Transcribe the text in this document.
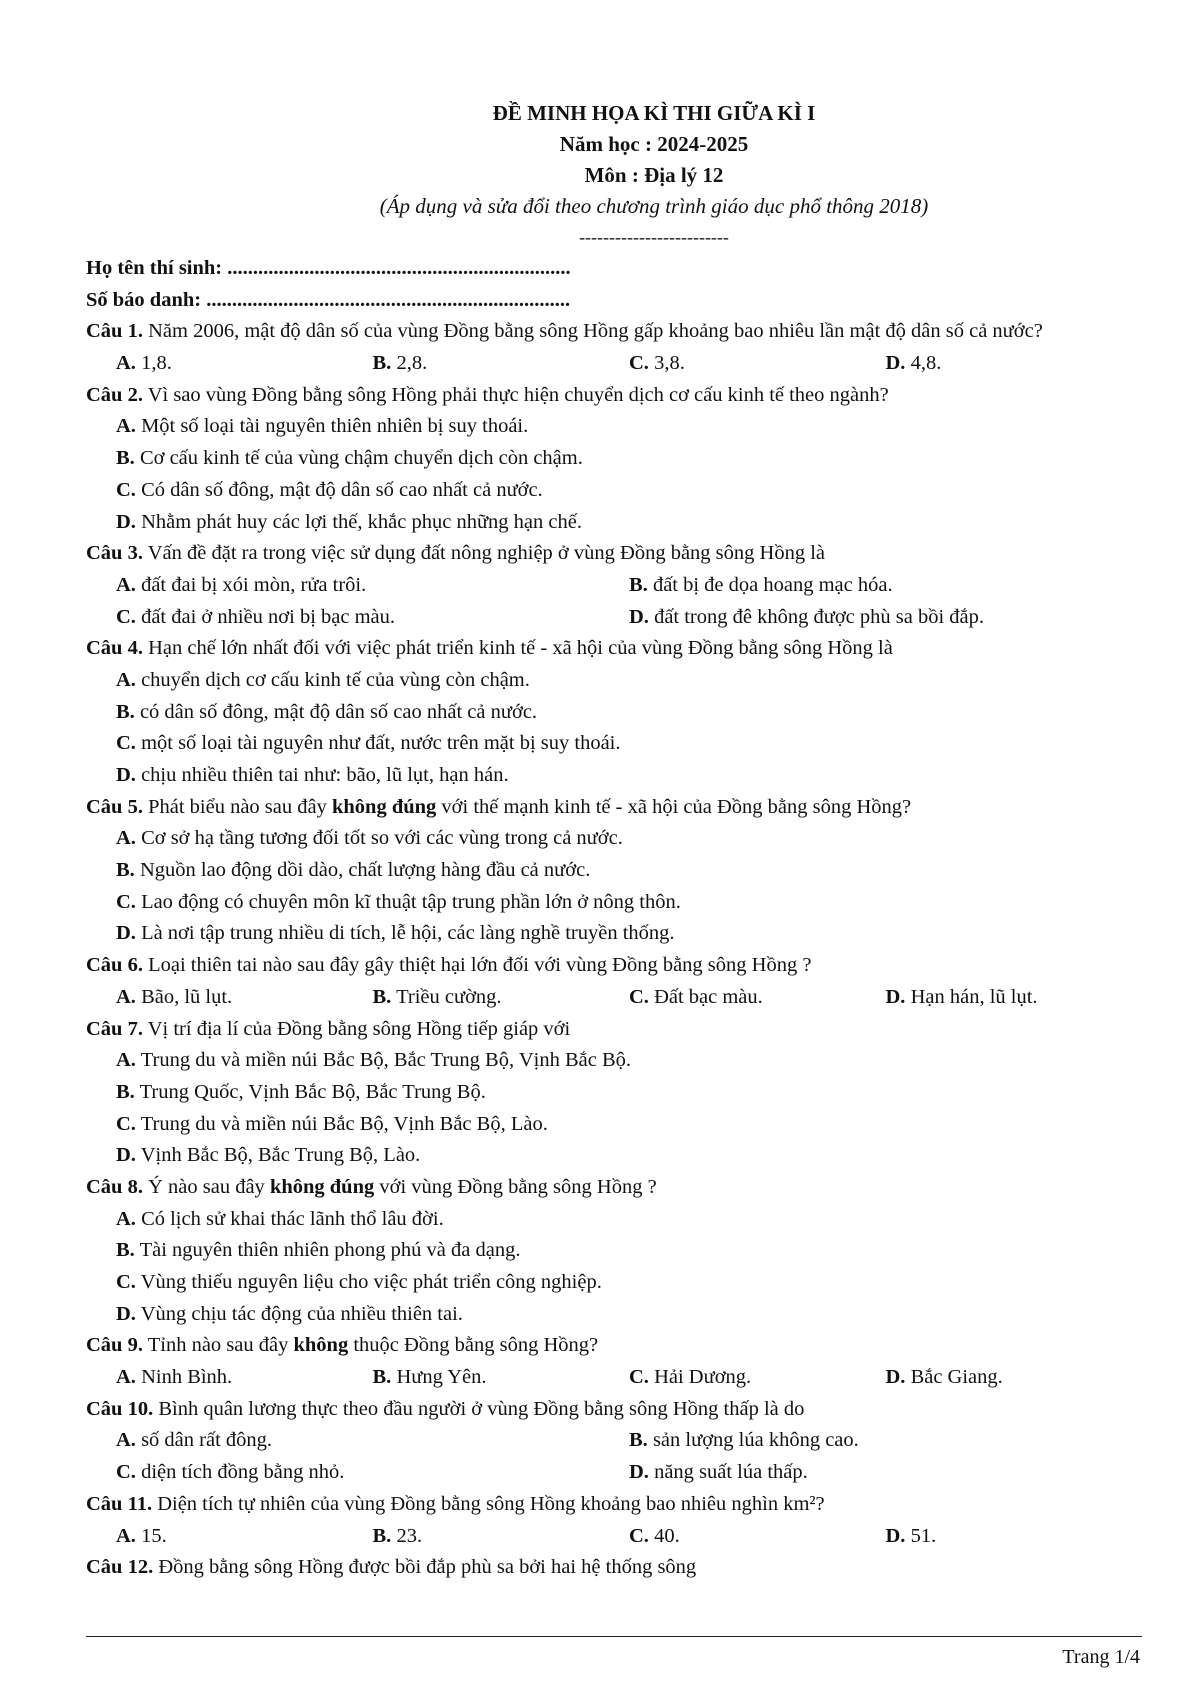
ĐỀ MINH HỌA KÌ THI GIỮA KÌ I
Năm học : 2024-2025
Môn : Địa lý 12
(Áp dụng và sửa đổi theo chương trình giáo dục phổ thông 2018)
-------------------------
Họ tên thí sinh: ...................................................................
Số báo danh: .......................................................................
Câu 1. Năm 2006, mật độ dân số của vùng Đồng bằng sông Hồng gấp khoảng bao nhiêu lần mật độ dân số cả nước?
A. 1,8.	B. 2,8.	C. 3,8.	D. 4,8.
Câu 2. Vì sao vùng Đồng bằng sông Hồng phải thực hiện chuyển dịch cơ cấu kinh tế theo ngành?
A. Một số loại tài nguyên thiên nhiên bị suy thoái.
B. Cơ cấu kinh tế của vùng chậm chuyển dịch còn chậm.
C. Có dân số đông, mật độ dân số cao nhất cả nước.
D. Nhằm phát huy các lợi thế, khắc phục những hạn chế.
Câu 3. Vấn đề đặt ra trong việc sử dụng đất nông nghiệp ở vùng Đồng bằng sông Hồng là
A. đất đai bị xói mòn, rửa trôi.	B. đất bị đe dọa hoang mạc hóa.
C. đất đai ở nhiều nơi bị bạc màu.	D. đất trong đê không được phù sa bồi đắp.
Câu 4. Hạn chế lớn nhất đối với việc phát triển kinh tế - xã hội của vùng Đồng bằng sông Hồng là
A. chuyển dịch cơ cấu kinh tế của vùng còn chậm.
B. có dân số đông, mật độ dân số cao nhất cả nước.
C. một số loại tài nguyên như đất, nước trên mặt bị suy thoái.
D. chịu nhiều thiên tai như: bão, lũ lụt, hạn hán.
Câu 5. Phát biểu nào sau đây không đúng với thế mạnh kinh tế - xã hội của Đồng bằng sông Hồng?
A. Cơ sở hạ tầng tương đối tốt so với các vùng trong cả nước.
B. Nguồn lao động dồi dào, chất lượng hàng đầu cả nước.
C. Lao động có chuyên môn kĩ thuật tập trung phần lớn ở nông thôn.
D. Là nơi tập trung nhiều di tích, lễ hội, các làng nghề truyền thống.
Câu 6. Loại thiên tai nào sau đây gây thiệt hại lớn đối với vùng Đồng bằng sông Hồng ?
A. Bão, lũ lụt.	B. Triều cường.	C. Đất bạc màu.	D. Hạn hán, lũ lụt.
Câu 7. Vị trí địa lí của Đồng bằng sông Hồng tiếp giáp với
A. Trung du và miền núi Bắc Bộ, Bắc Trung Bộ, Vịnh Bắc Bộ.
B. Trung Quốc, Vịnh Bắc Bộ, Bắc Trung Bộ.
C. Trung du và miền núi Bắc Bộ, Vịnh Bắc Bộ, Lào.
D. Vịnh Bắc Bộ, Bắc Trung Bộ, Lào.
Câu 8. Ý nào sau đây không đúng với vùng Đồng bằng sông Hồng ?
A. Có lịch sử khai thác lãnh thổ lâu đời.
B. Tài nguyên thiên nhiên phong phú và đa dạng.
C. Vùng thiếu nguyên liệu cho việc phát triển công nghiệp.
D. Vùng chịu tác động của nhiều thiên tai.
Câu 9. Tỉnh nào sau đây không thuộc Đồng bằng sông Hồng?
A. Ninh Bình.	B. Hưng Yên.	C. Hải Dương.	D. Bắc Giang.
Câu 10. Bình quân lương thực theo đầu người ở vùng Đồng bằng sông Hồng thấp là do
A. số dân rất đông.	B. sản lượng lúa không cao.
C. diện tích đồng bằng nhỏ.	D. năng suất lúa thấp.
Câu 11. Diện tích tự nhiên của vùng Đồng bằng sông Hồng khoảng bao nhiêu nghìn km²?
A. 15.	B. 23.	C. 40.	D. 51.
Câu 12. Đồng bằng sông Hồng được bồi đắp phù sa bởi hai hệ thống sông
Trang 1/4
